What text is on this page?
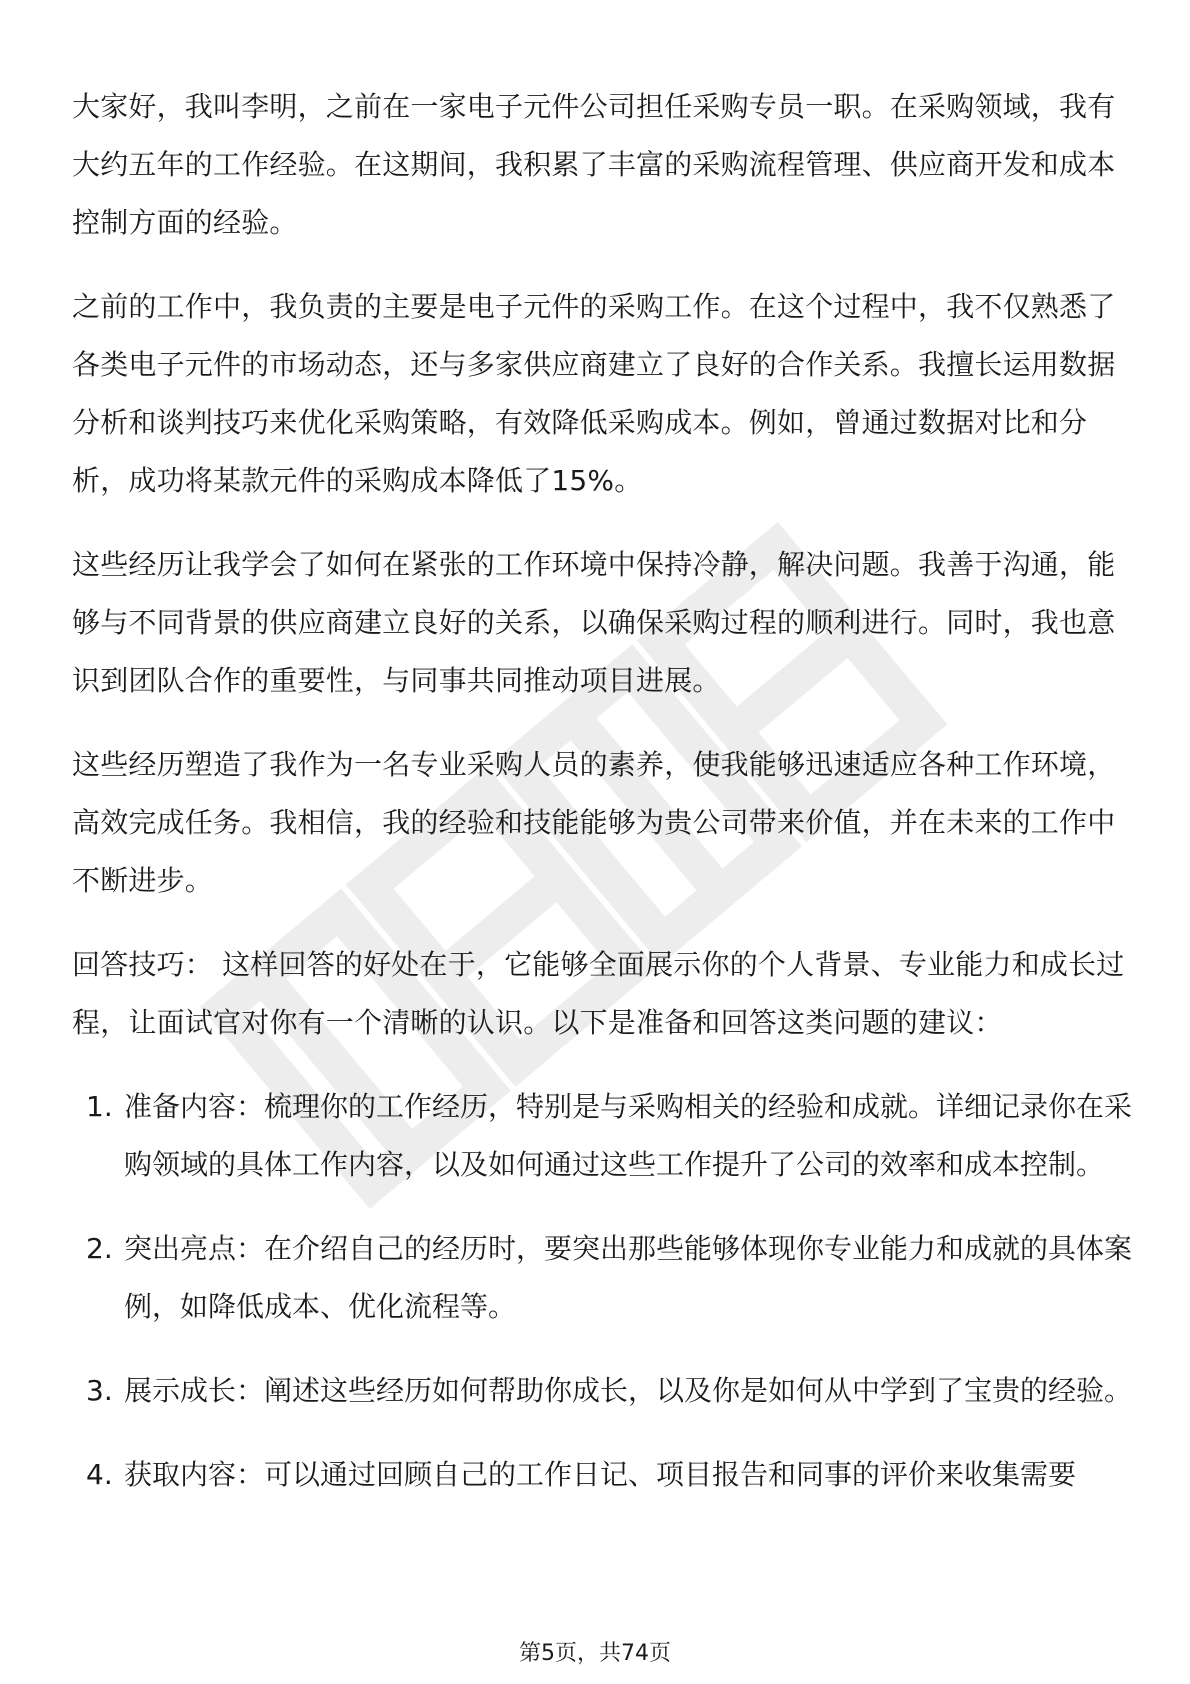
大家好，我叫李明，之前在一家电子元件公司担任采购专员一职。在采购领域，我有大约五年的工作经验。在这期间，我积累了丰富的采购流程管理、供应商开发和成本控制方面的经验。

之前的工作中，我负责的主要是电子元件的采购工作。在这个过程中，我不仅熟悉了各类电子元件的市场动态，还与多家供应商建立了良好的合作关系。我擅长运用数据分析和谈判技巧来优化采购策略，有效降低采购成本。例如，曾通过数据对比和分析，成功将某款元件的采购成本降低了15%。

这些经历让我学会了如何在紧张的工作环境中保持冷静，解决问题。我善于沟通，能够与不同背景的供应商建立良好的关系，以确保采购过程的顺利进行。同时，我也意识到团队合作的重要性，与同事共同推动项目进展。

这些经历塑造了我作为一名专业采购人员的素养，使我能够迅速适应各种工作环境，高效完成任务。我相信，我的经验和技能能够为贵公司带来价值，并在未来的工作中不断进步。

回答技巧： 这样回答的好处在于，它能够全面展示你的个人背景、专业能力和成长过程，让面试官对你有一个清晰的认识。以下是准备和回答这类问题的建议：

1. 准备内容：梳理你的工作经历，特别是与采购相关的经验和成就。详细记录你在采购领域的具体工作内容，以及如何通过这些工作提升了公司的效率和成本控制。
2. 突出亮点：在介绍自己的经历时，要突出那些能够体现你专业能力和成就的具体案例，如降低成本、优化流程等。
3. 展示成长：阐述这些经历如何帮助你成长，以及你是如何从中学到了宝贵的经验。
4. 获取内容：可以通过回顾自己的工作日记、项目报告和同事的评价来收集需要
第5页，共74页
